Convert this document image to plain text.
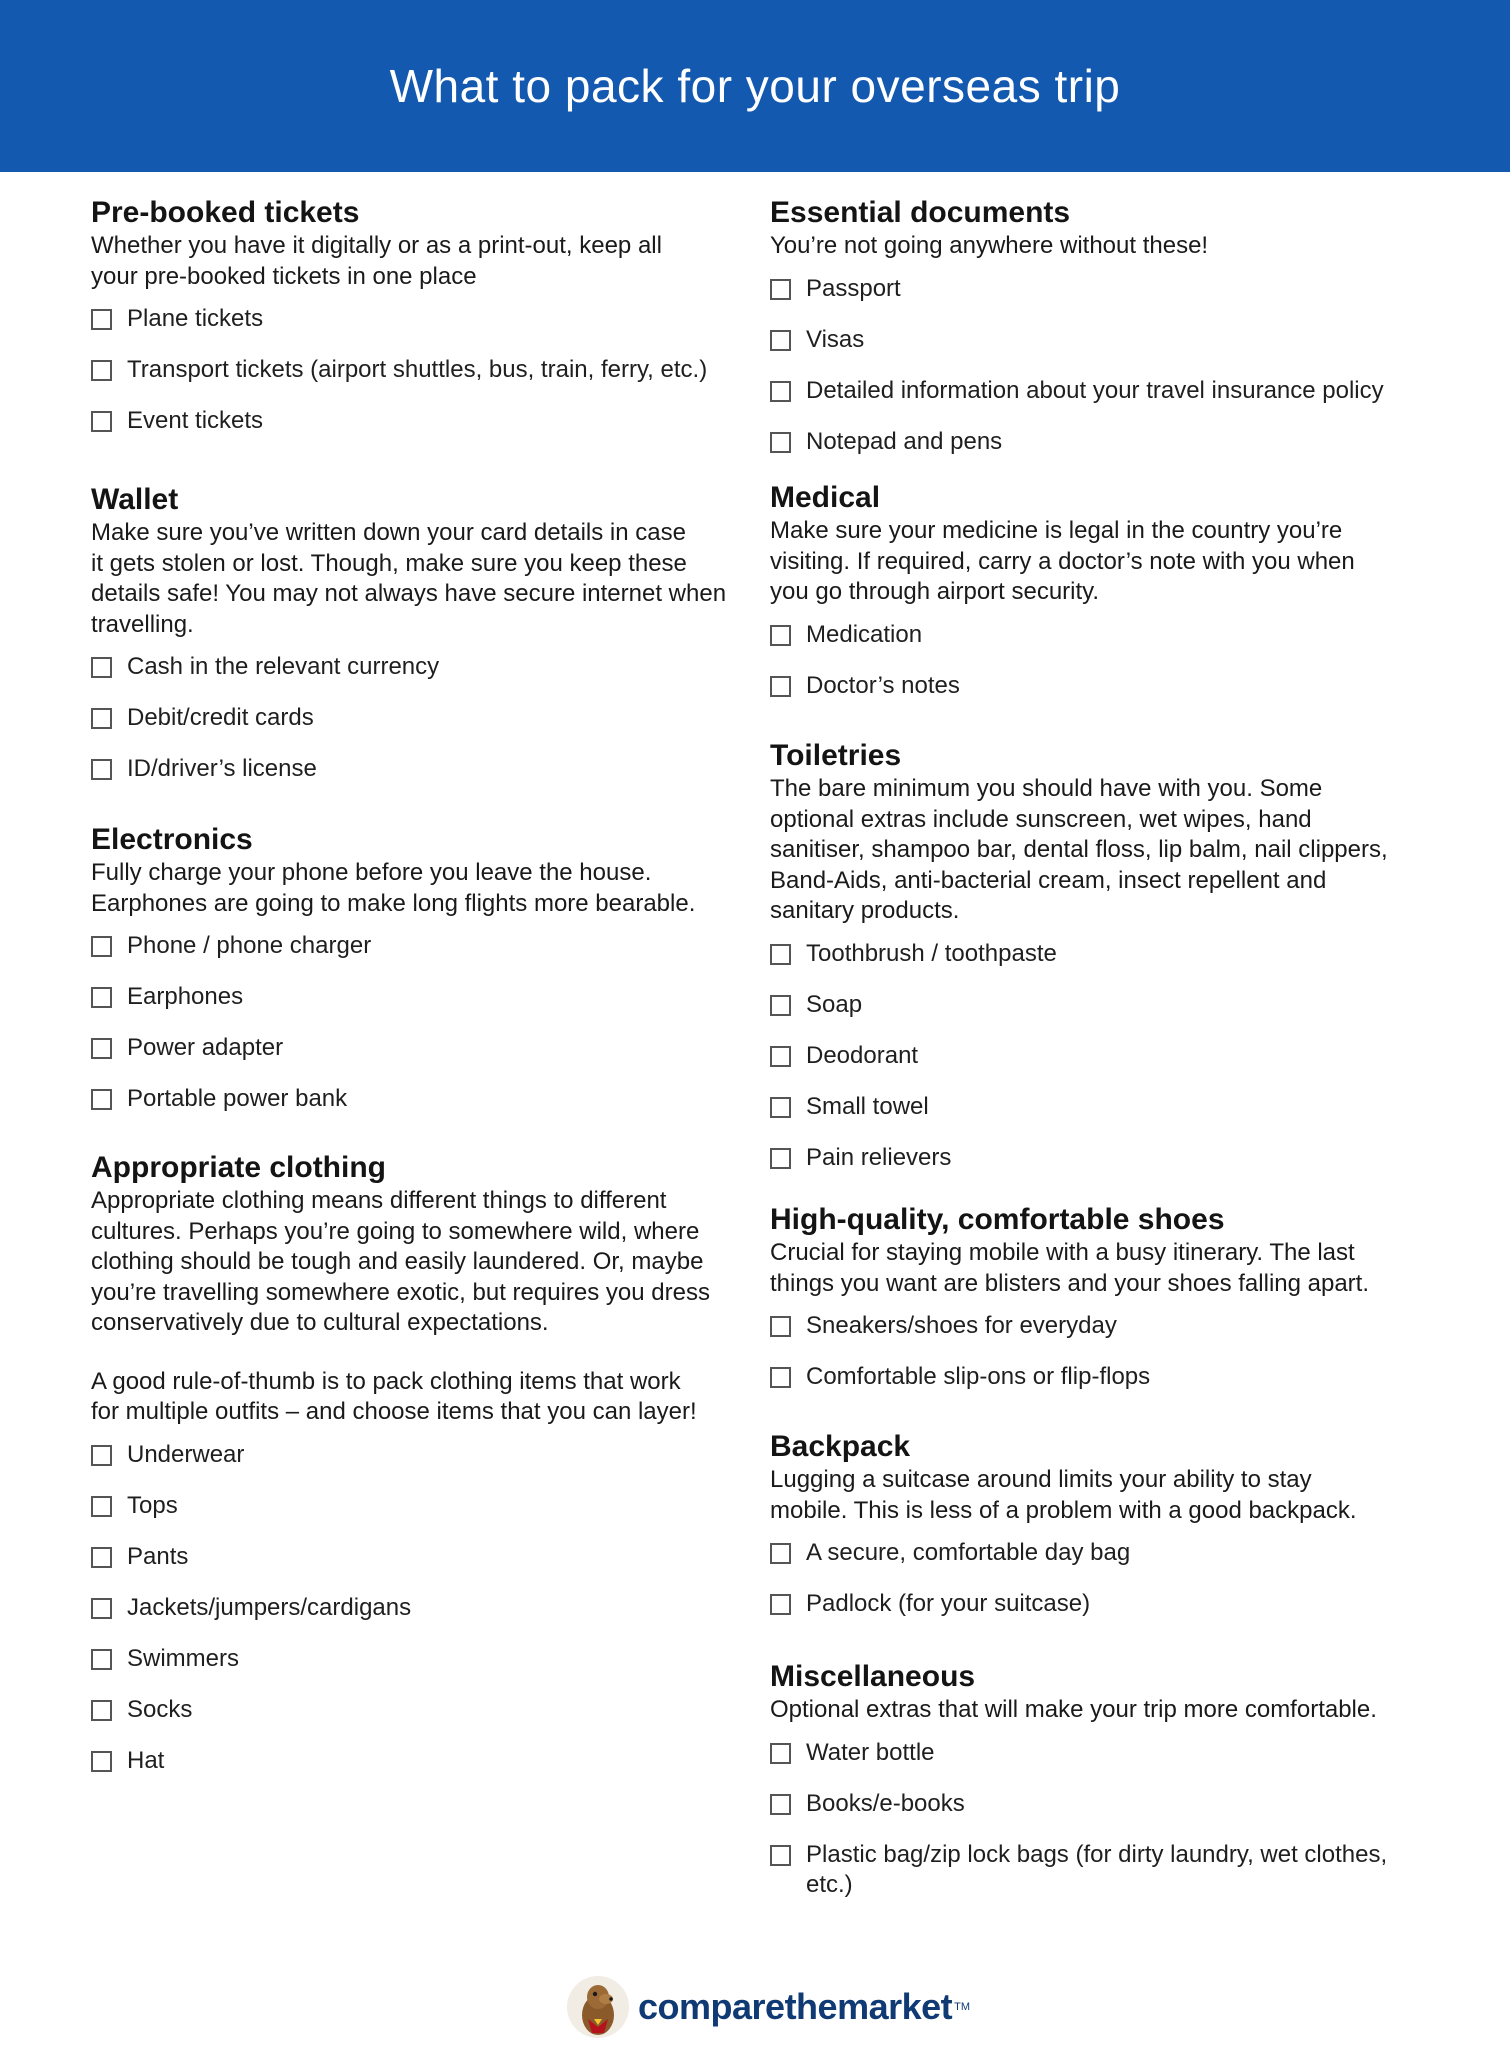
What to pack for your overseas trip
Pre-booked tickets

Whether you have it digitally or as a print-out, keep all
your pre-booked tickets in one place

Plane tickets
Transport tickets (airport shuttles, bus, train, ferry, etc.)
Event tickets
Wallet

Make sure you’ve written down your card details in case
it gets stolen or lost. Though, make sure you keep these
details safe! You may not always have secure internet when
travelling.

Cash in the relevant currency
Debit/credit cards
ID/driver’s license
Electronics

Fully charge your phone before you leave the house.
Earphones are going to make long flights more bearable.

Phone / phone charger
Earphones
Power adapter
Portable power bank
Appropriate clothing

Appropriate clothing means different things to different
cultures. Perhaps you’re going to somewhere wild, where
clothing should be tough and easily laundered. Or, maybe
you’re travelling somewhere exotic, but requires you dress
conservatively due to cultural expectations.

A good rule-of-thumb is to pack clothing items that work
for multiple outfits – and choose items that you can layer!

Underwear
Tops
Pants
Jackets/jumpers/cardigans
Swimmers
Socks
Hat
Essential documents

You’re not going anywhere without these!

Passport
Visas
Detailed information about your travel insurance policy
Notepad and pens
Medical

Make sure your medicine is legal in the country you’re
visiting. If required, carry a doctor’s note with you when
you go through airport security.

Medication
Doctor’s notes
Toiletries

The bare minimum you should have with you. Some
optional extras include sunscreen, wet wipes, hand
sanitiser, shampoo bar, dental floss, lip balm, nail clippers,
Band-Aids, anti-bacterial cream, insect repellent and
sanitary products.

Toothbrush / toothpaste
Soap
Deodorant
Small towel
Pain relievers
High-quality, comfortable shoes

Crucial for staying mobile with a busy itinerary. The last
things you want are blisters and your shoes falling apart.

Sneakers/shoes for everyday
Comfortable slip-ons or flip-flops
Backpack

Lugging a suitcase around limits your ability to stay
mobile. This is less of a problem with a good backpack.

A secure, comfortable day bag
Padlock (for your suitcase)
Miscellaneous

Optional extras that will make your trip more comfortable.

Water bottle
Books/e-books
Plastic bag/zip lock bags (for dirty laundry, wet clothes,
etc.)
comparethemarket TM
